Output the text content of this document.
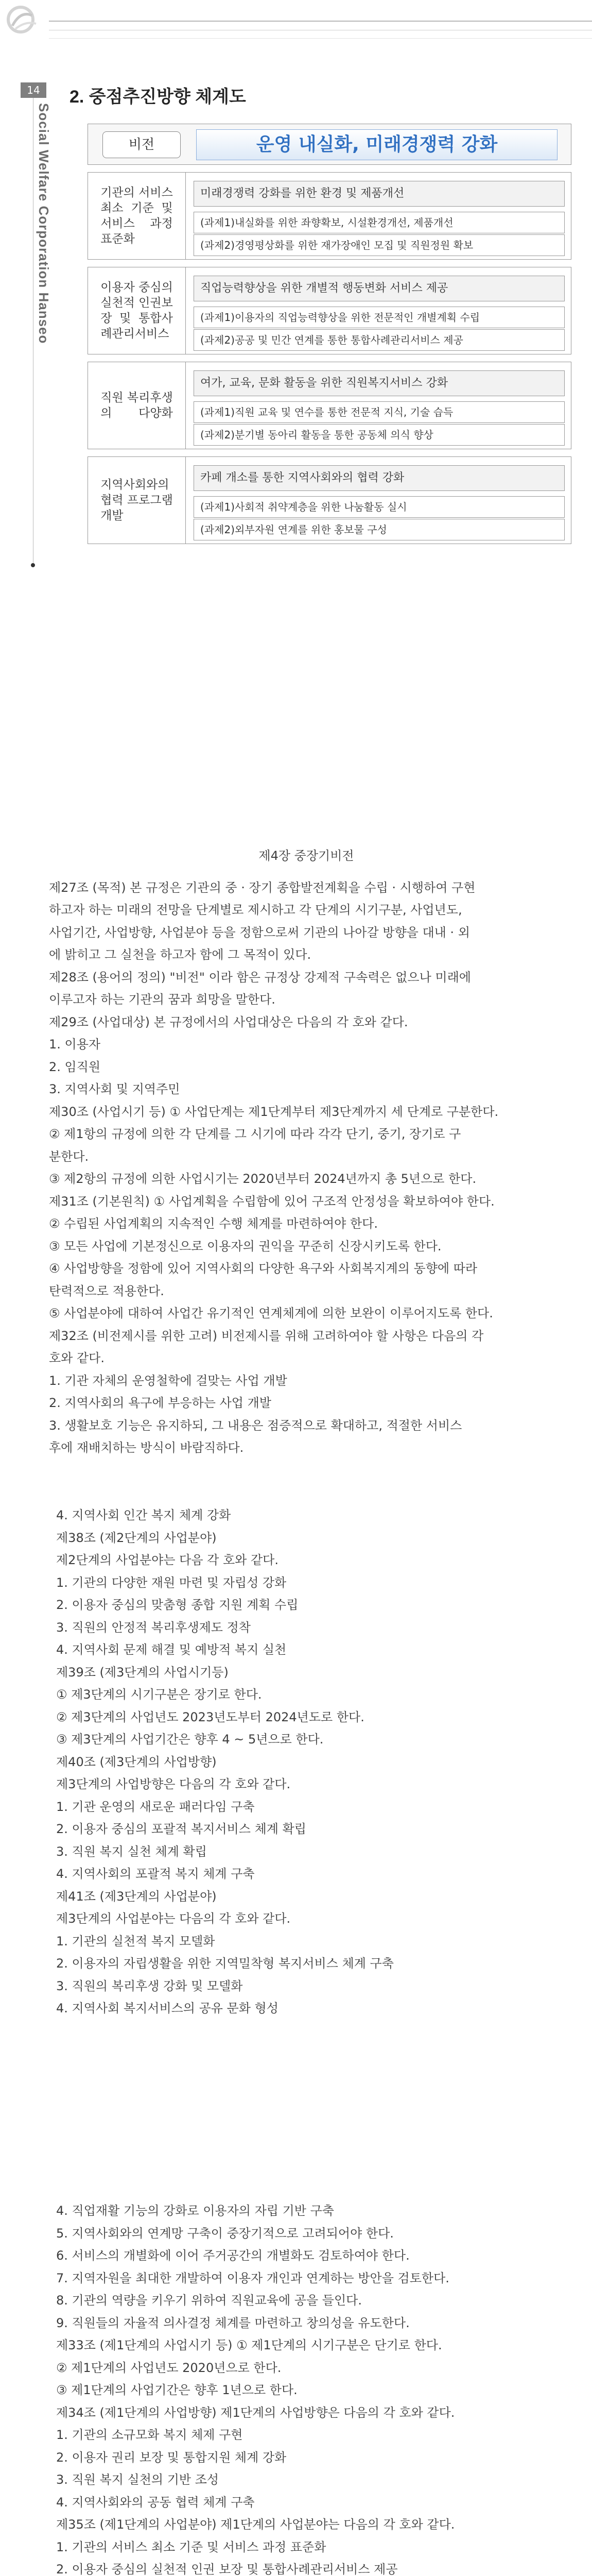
14
Social Welfare Corporation Hanseo
2. 중점추진방향 체계도
비전	운영 내실화, 미래경쟁력 강화
기관의 서비스
최소 기준 및
서비스 과정
표준화
미래경쟁력 강화를 위한 환경 및 제품개선
(과제1)내실화를 위한 좌향확보, 시설환경개선, 제품개선
(과제2)경영평상화를 위한 재가장애인 모집 및 직원정원 확보
이용자 중심의
실천적 인권보
장 및 통합사
례관리서비스
직업능력향상을 위한 개별적 행동변화 서비스 제공
(과제1)이용자의 직업능력향상을 위한 전문적인 개별계획 수립
(과제2)공공 및 민간 연계를 통한 통합사례관리서비스 제공
직원 복리후생
의 다양화
여가, 교육, 문화 활동을 위한 직원복지서비스 강화
(과제1)직원 교육 및 연수를 통한 전문적 지식, 기술 습득
(과제2)분기별 동아리 활동을 통한 공동체 의식 향상
지역사회와의
협력 프로그램
개발
카페 개소를 통한 지역사회와의 협력 강화
(과제1)사회적 취약계층을 위한 나눔활동 실시
(과제2)외부자원 연계를 위한 홍보물 구성

제4장 중장기비전

제27조 (목적) 본 규정은 기관의 중 · 장기 종합발전계획을 수립 · 시행하여 구현

하고자 하는 미래의 전망을 단계별로 제시하고 각 단계의 시기구분, 사업년도,

사업기간, 사업방향, 사업분야 등을 정함으로써 기관의 나아갈 방향을 대내 · 외

에 밝히고 그 실천을 하고자 함에 그 목적이 있다.

제28조 (용어의 정의) "비전" 이라 함은 규정상 강제적 구속력은 없으나 미래에

이루고자 하는 기관의 꿈과 희망을 말한다.

제29조 (사업대상) 본 규정에서의 사업대상은 다음의 각 호와 같다.

1. 이용자

2. 임직원

3. 지역사회 및 지역주민

제30조 (사업시기 등) ① 사업단계는 제1단계부터 제3단계까지 세 단계로 구분한다.

② 제1항의 규정에 의한 각 단계를 그 시기에 따라 각각 단기, 중기, 장기로 구

분한다.

③ 제2항의 규정에 의한 사업시기는 2020년부터 2024년까지 총 5년으로 한다.

제31조 (기본원칙) ① 사업계획을 수립함에 있어 구조적 안정성을 확보하여야 한다.

② 수립된 사업계획의 지속적인 수행 체계를 마련하여야 한다.

③ 모든 사업에 기본정신으로 이용자의 권익을 꾸준히 신장시키도록 한다.

④ 사업방향을 정함에 있어 지역사회의 다양한 욕구와 사회복지계의 동향에 따라

탄력적으로 적용한다.

⑤ 사업분야에 대하여 사업간 유기적인 연계체계에 의한 보완이 이루어지도록 한다.

제32조 (비전제시를 위한 고려) 비전제시를 위해 고려하여야 할 사항은 다음의 각

호와 같다.

1. 기관 자체의 운영철학에 걸맞는 사업 개발

2. 지역사회의 욕구에 부응하는 사업 개발

3. 생활보호 기능은 유지하되, 그 내용은 점증적으로 확대하고, 적절한 서비스

후에 재배치하는 방식이 바람직하다.

4. 지역사회 인간 복지 체계 강화

제38조 (제2단계의 사업분야)

제2단계의 사업분야는 다음 각 호와 같다.

1. 기관의 다양한 재원 마련 및 자립성 강화

2. 이용자 중심의 맞춤형 종합 지원 계획 수립

3. 직원의 안정적 복리후생제도 정착

4. 지역사회 문제 해결 및 예방적 복지 실천

제39조 (제3단계의 사업시기등)

① 제3단계의 시기구분은 장기로 한다.

② 제3단계의 사업년도 2023년도부터 2024년도로 한다.

③ 제3단계의 사업기간은 향후 4 ~ 5년으로 한다.

제40조 (제3단계의 사업방향)

제3단계의 사업방향은 다음의 각 호와 같다.

1. 기관 운영의 새로운 패러다임 구축

2. 이용자 중심의 포괄적 복지서비스 체계 확립

3. 직원 복지 실천 체계 확립

4. 지역사회의 포괄적 복지 체계 구축

제41조 (제3단계의 사업분야)

제3단계의 사업분야는 다음의 각 호와 같다.

1. 기관의 실천적 복지 모델화

2. 이용자의 자립생활을 위한 지역밀착형 복지서비스 체계 구축

3. 직원의 복리후생 강화 및 모델화

4. 지역사회 복지서비스의 공유 문화 형성

4. 직업재활 기능의 강화로 이용자의 자립 기반 구축

5. 지역사회와의 연계망 구축이 중장기적으로 고려되어야 한다.

6. 서비스의 개별화에 이어 주거공간의 개별화도 검토하여야 한다.

7. 지역자원을 최대한 개발하여 이용자 개인과 연계하는 방안을 검토한다.

8. 기관의 역량을 키우기 위하여 직원교육에 공을 들인다.

9. 직원들의 자율적 의사결정 체계를 마련하고 창의성을 유도한다.

제33조 (제1단계의 사업시기 등) ① 제1단계의 시기구분은 단기로 한다.

② 제1단계의 사업년도 2020년으로 한다.

③ 제1단계의 사업기간은 향후 1년으로 한다.

제34조 (제1단계의 사업방향) 제1단계의 사업방향은 다음의 각 호와 같다.

1. 기관의 소규모화 복지 체제 구현

2. 이용자 권리 보장 및 통합지원 체계 강화

3. 직원 복지 실천의 기반 조성

4. 지역사회와의 공동 협력 체계 구축

제35조 (제1단계의 사업분야) 제1단계의 사업분야는 다음의 각 호와 같다.

1. 기관의 서비스 최소 기준 및 서비스 과정 표준화

2. 이용자 중심의 실천적 인권 보장 및 통합사례관리서비스 제공
